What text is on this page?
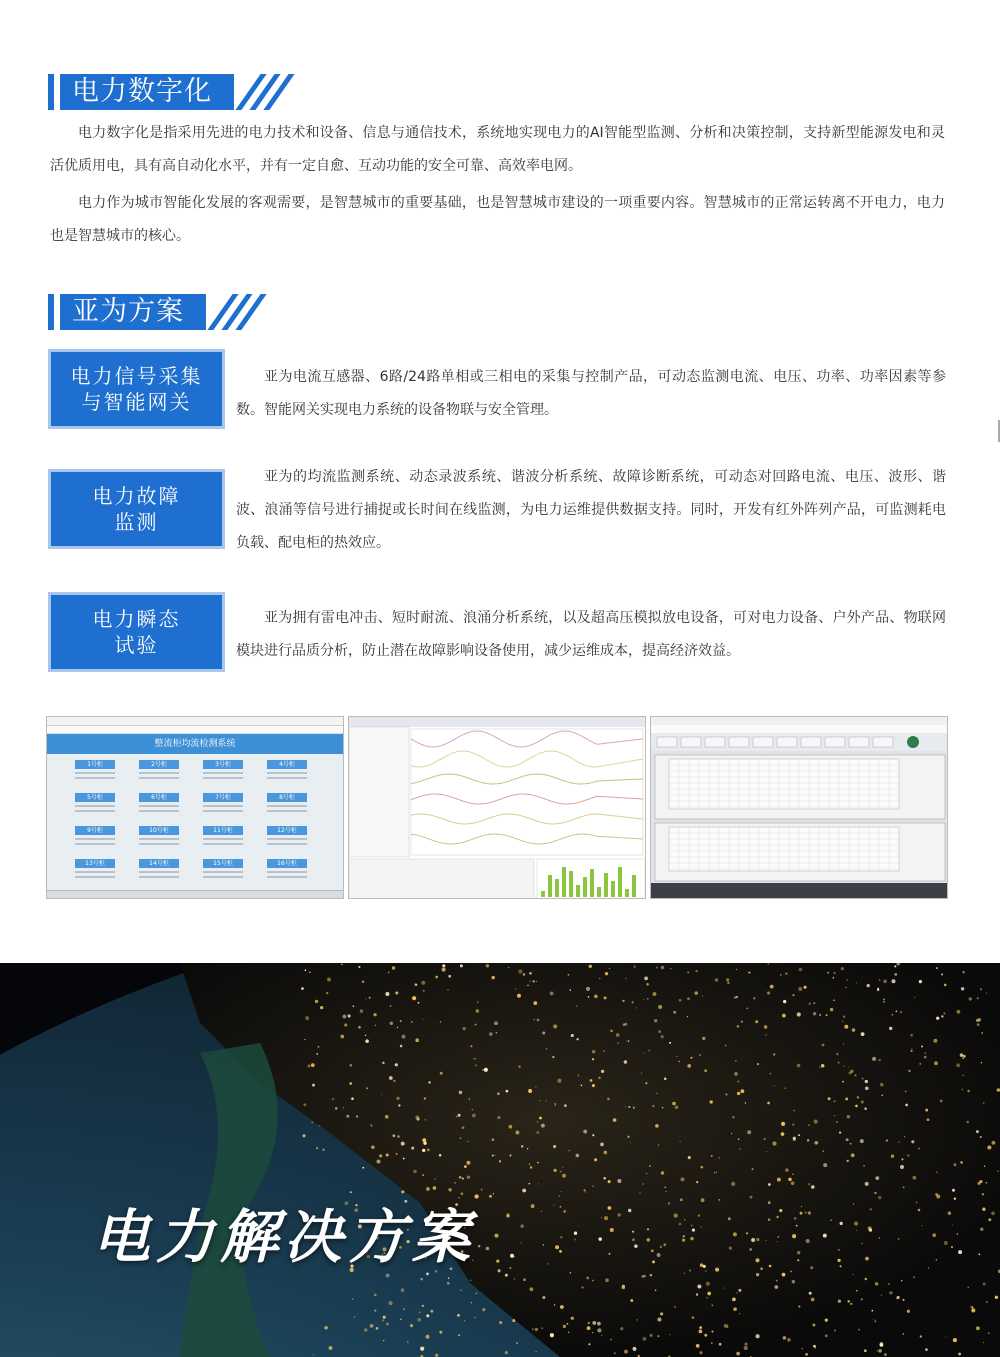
电力数字化

电力数字化是指采用先进的电力技术和设备、信息与通信技术，系统地实现电力的AI智能型监测、分析和决策控制，支持新型能源发电和灵活优质用电，具有高自动化水平，并有一定自愈、互动功能的安全可靠、高效率电网。

电力作为城市智能化发展的客观需要，是智慧城市的重要基础，也是智慧城市建设的一项重要内容。智慧城市的正常运转离不开电力，电力也是智慧城市的核心。

亚为方案
电力信号采集
与智能网关

亚为电流互感器、6路/24路单相或三相电的采集与控制产品，可动态监测电流、电压、功率、功率因素等参数。智能网关实现电力系统的设备物联与安全管理。

电力故障
监测

亚为的均流监测系统、动态录波系统、谐波分析系统、故障诊断系统，可动态对回路电流、电压、波形、谐波、浪涌等信号进行捕捉或长时间在线监测，为电力运维提供数据支持。同时，开发有红外阵列产品，可监测耗电负载、配电柜的热效应。

电力瞬态
试验

亚为拥有雷电冲击、短时耐流、浪涌分析系统，以及超高压模拟放电设备，可对电力设备、户外产品、物联网模块进行品质分析，防止潜在故障影响设备使用，减少运维成本，提高经济效益。

整流柜均流检测系统
1号柜	2号柜	3号柜	4号柜
5号柜	6号柜	7号柜	8号柜
9号柜	10号柜	11号柜	12号柜
13号柜	14号柜	15号柜	16号柜
电力解决方案
